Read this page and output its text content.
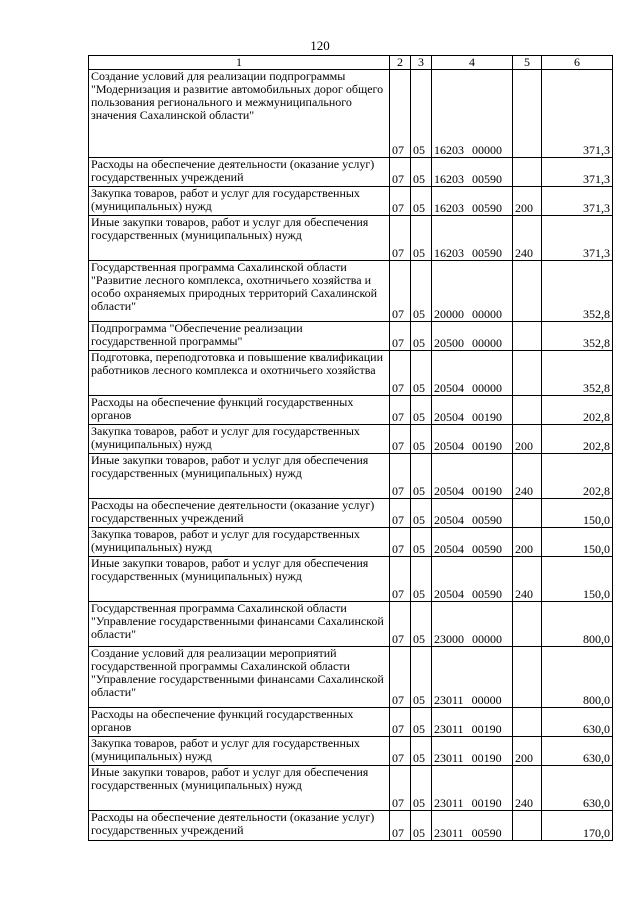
120
1	2	3	4	5	6
Создание условий для реализации подпрограммы "Модернизация и развитие автомобильных дорог общего пользования регионального и межмуниципального значения Сахалинской области"	07	05	16203 00000		371,3
Расходы на обеспечение деятельности (оказание услуг) государственных учреждений	07	05	16203 00590		371,3
Закупка товаров, работ и услуг для государственных (муниципальных) нужд	07	05	16203 00590	200	371,3
Иные закупки товаров, работ и услуг для обеспечения государственных (муниципальных) нужд	07	05	16203 00590	240	371,3
Государственная программа Сахалинской области "Развитие лесного комплекса, охотничьего хозяйства и особо охраняемых природных территорий Сахалинской области"	07	05	20000 00000		352,8
Подпрограмма "Обеспечение реализации государственной программы"	07	05	20500 00000		352,8
Подготовка, переподготовка и повышение квалификации работников лесного комплекса и охотничьего хозяйства	07	05	20504 00000		352,8
Расходы на обеспечение функций государственных органов	07	05	20504 00190		202,8
Закупка товаров, работ и услуг для государственных (муниципальных) нужд	07	05	20504 00190	200	202,8
Иные закупки товаров, работ и услуг для обеспечения государственных (муниципальных) нужд	07	05	20504 00190	240	202,8
Расходы на обеспечение деятельности (оказание услуг) государственных учреждений	07	05	20504 00590		150,0
Закупка товаров, работ и услуг для государственных (муниципальных) нужд	07	05	20504 00590	200	150,0
Иные закупки товаров, работ и услуг для обеспечения государственных (муниципальных) нужд	07	05	20504 00590	240	150,0
Государственная программа Сахалинской области "Управление государственными финансами Сахалинской области"	07	05	23000 00000		800,0
Создание условий для реализации мероприятий государственной программы Сахалинской области "Управление государственными финансами Сахалинской области"	07	05	23011 00000		800,0
Расходы на обеспечение функций государственных органов	07	05	23011 00190		630,0
Закупка товаров, работ и услуг для государственных (муниципальных) нужд	07	05	23011 00190	200	630,0
Иные закупки товаров, работ и услуг для обеспечения государственных (муниципальных) нужд	07	05	23011 00190	240	630,0
Расходы на обеспечение деятельности (оказание услуг) государственных учреждений	07	05	23011 00590		170,0
